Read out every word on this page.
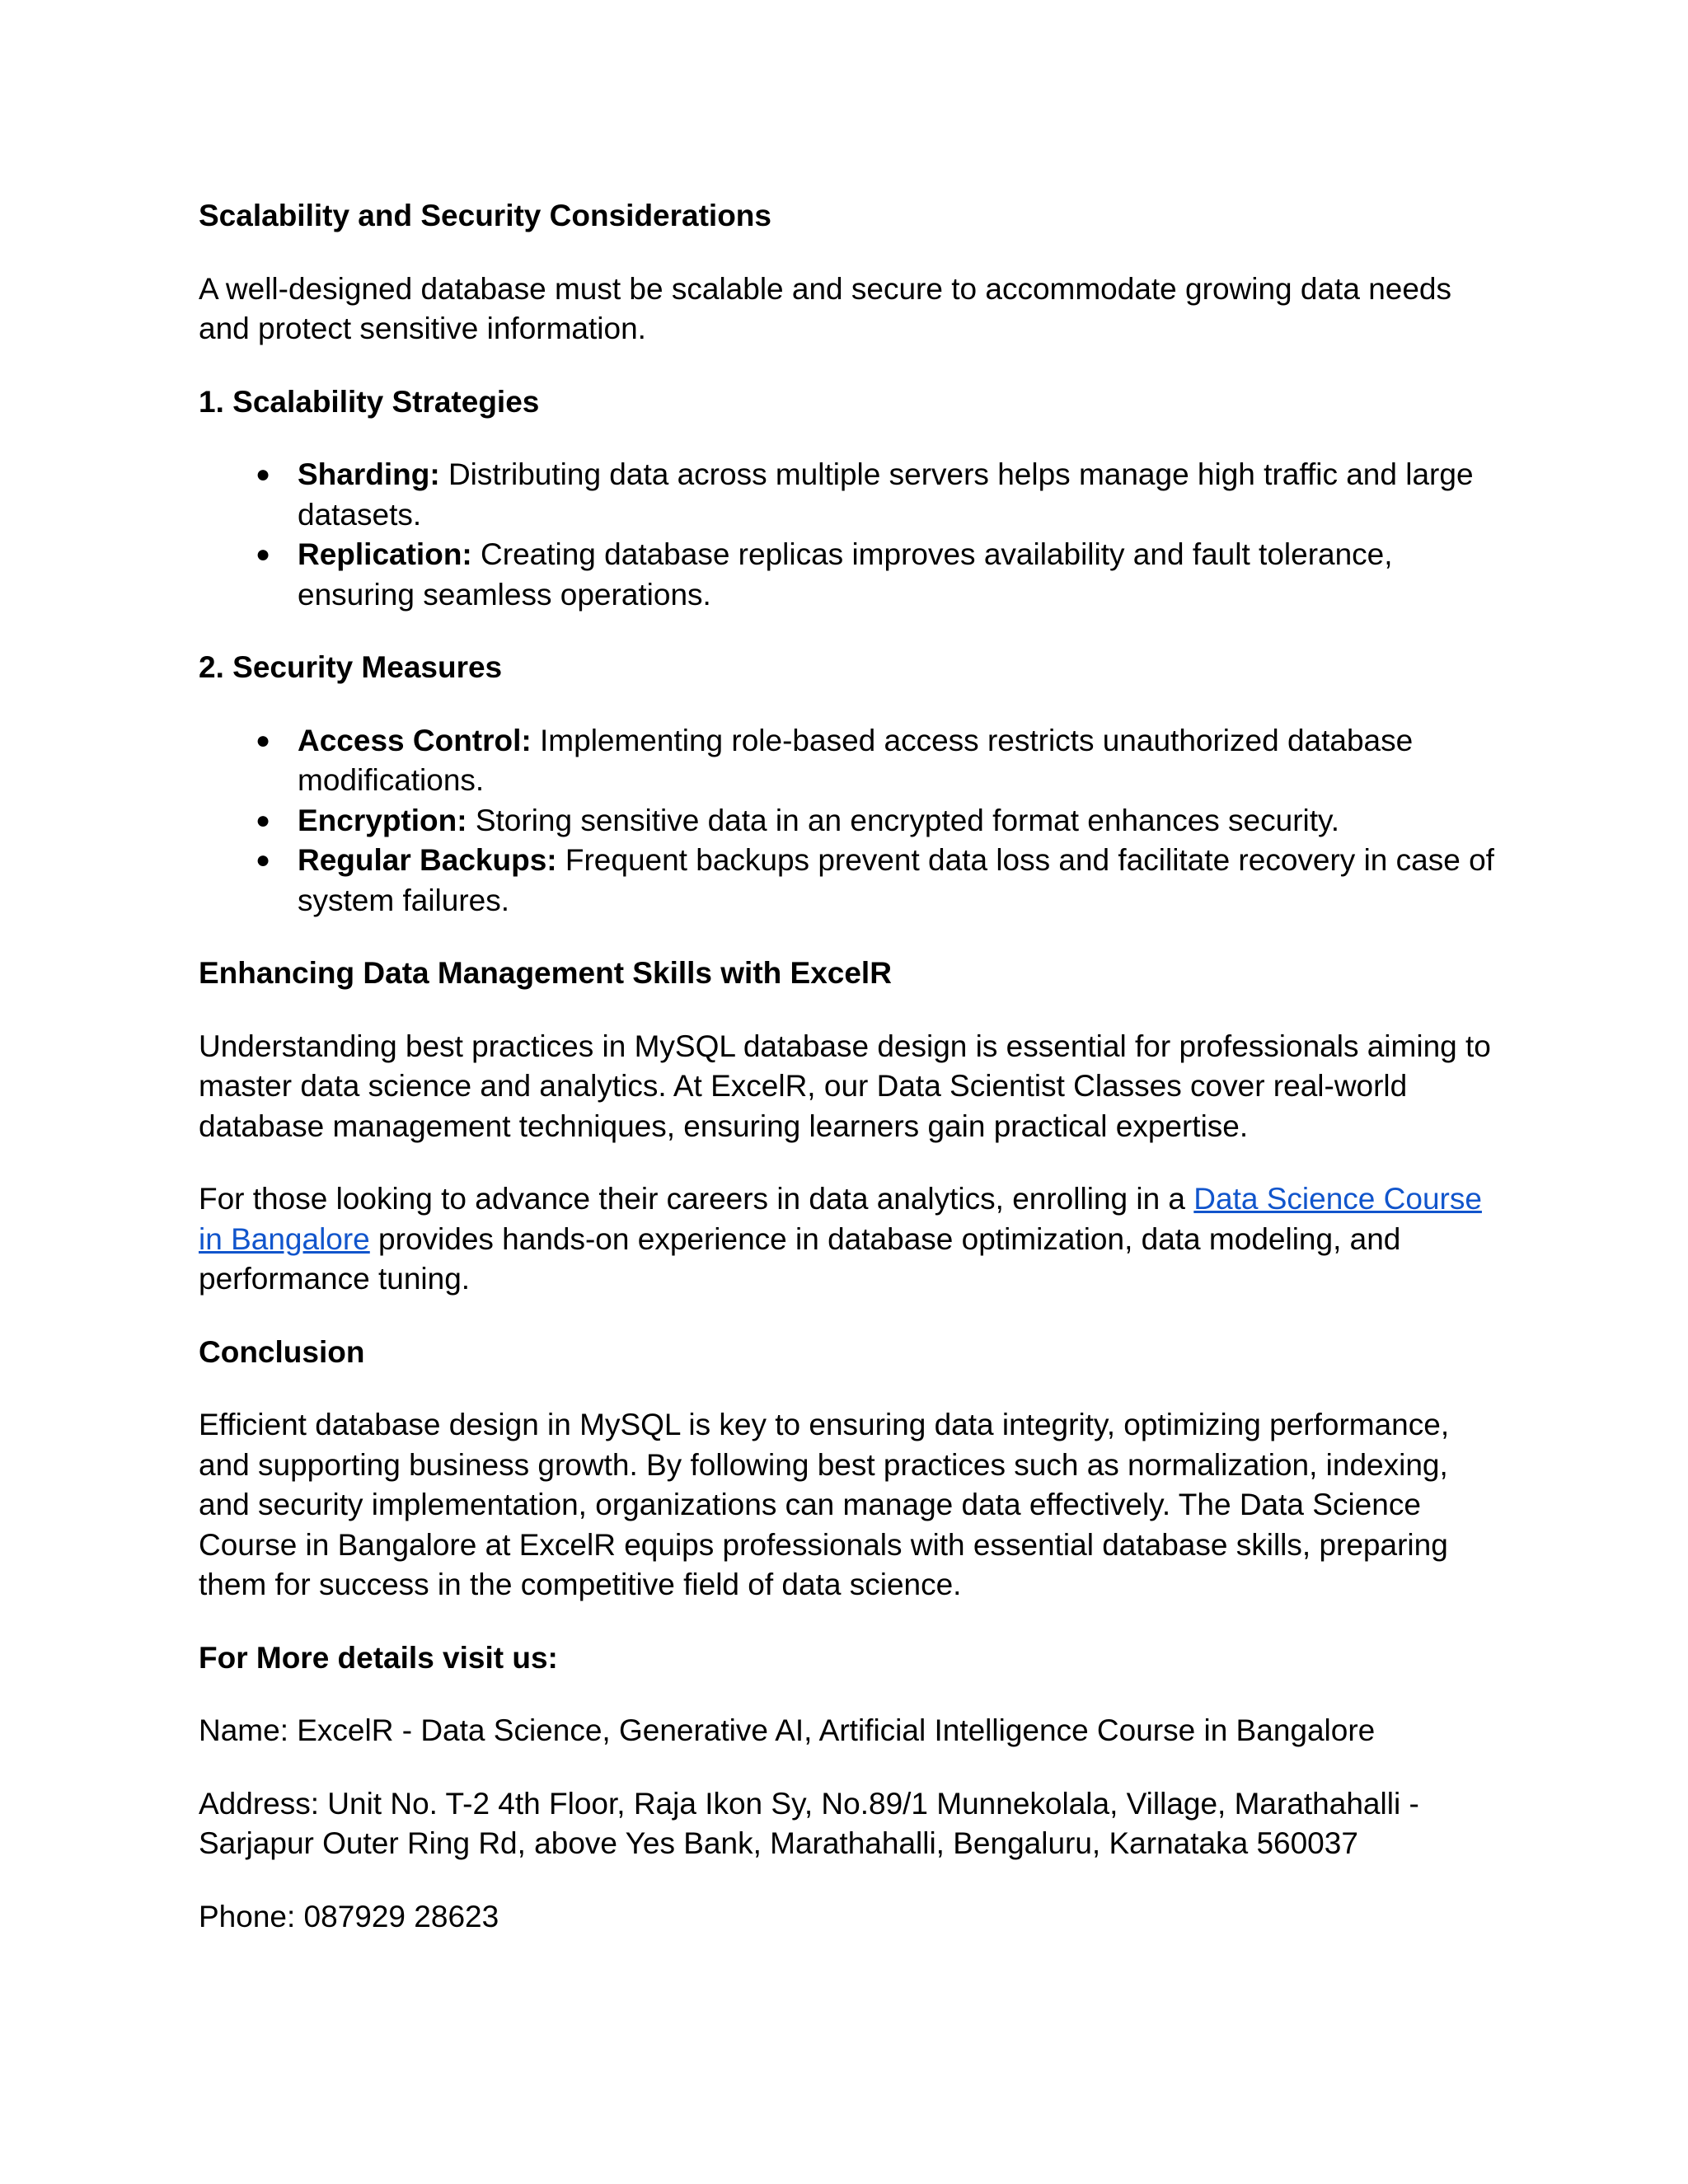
Scalability and Security Considerations
A well-designed database must be scalable and secure to accommodate growing data needs
and protect sensitive information.
1. Scalability Strategies
● Sharding: Distributing data across multiple servers helps manage high traffic and large
datasets.
● Replication: Creating database replicas improves availability and fault tolerance,
ensuring seamless operations.
2. Security Measures
● Access Control: Implementing role-based access restricts unauthorized database
modifications.
● Encryption: Storing sensitive data in an encrypted format enhances security.
● Regular Backups: Frequent backups prevent data loss and facilitate recovery in case of
system failures.
Enhancing Data Management Skills with ExcelR
Understanding best practices in MySQL database design is essential for professionals aiming to
master data science and analytics. At ExcelR, our Data Scientist Classes cover real-world
database management techniques, ensuring learners gain practical expertise.
For those looking to advance their careers in data analytics, enrolling in a Data Science Course
in Bangalore provides hands-on experience in database optimization, data modeling, and
performance tuning.
Conclusion
Efficient database design in MySQL is key to ensuring data integrity, optimizing performance,
and supporting business growth. By following best practices such as normalization, indexing,
and security implementation, organizations can manage data effectively. The Data Science
Course in Bangalore at ExcelR equips professionals with essential database skills, preparing
them for success in the competitive field of data science.
For More details visit us:
Name: ExcelR - Data Science, Generative AI, Artificial Intelligence Course in Bangalore
Address: Unit No. T-2 4th Floor, Raja Ikon Sy, No.89/1 Munnekolala, Village, Marathahalli -
Sarjapur Outer Ring Rd, above Yes Bank, Marathahalli, Bengaluru, Karnataka 560037
Phone: 087929 28623
